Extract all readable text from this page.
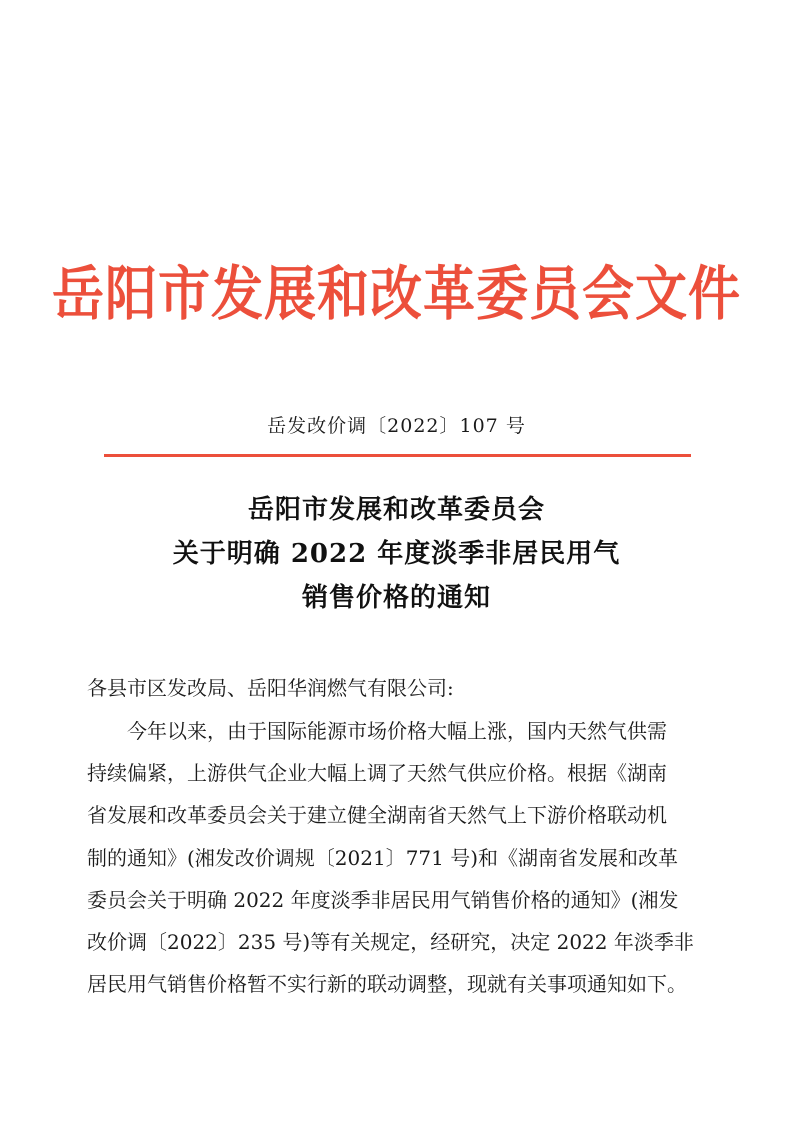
岳阳市发展和改革委员会文件
岳发改价调〔2022〕107 号
岳阳市发展和改革委员会
关于明确 2022 年度淡季非居民用气
销售价格的通知
各县市区发改局、岳阳华润燃气有限公司:
今年以来，由于国际能源市场价格大幅上涨，国内天然气供需
持续偏紧，上游供气企业大幅上调了天然气供应价格。根据《湖南
省发展和改革委员会关于建立健全湖南省天然气上下游价格联动机
制的通知》(湘发改价调规〔2021〕771 号)和《湖南省发展和改革
委员会关于明确 2022 年度淡季非居民用气销售价格的通知》(湘发
改价调〔2022〕235 号)等有关规定，经研究，决定 2022 年淡季非
居民用气销售价格暂不实行新的联动调整，现就有关事项通知如下。
